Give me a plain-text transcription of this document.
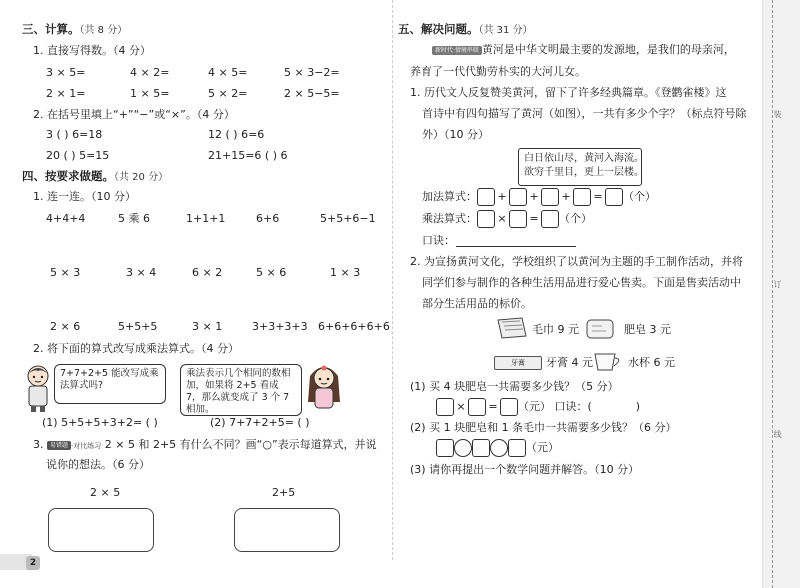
装
订
线
三、计算。（共 8 分）
1. 直接写得数。（4 分）
3 × 5=	4 × 2=	4 × 5=	5 × 3−2=
2 × 1=	1 × 5=	5 × 2=	2 × 5−5=
2. 在括号里填上“+”“−”或“×”。（4 分）
3 ( ) 6=18	12 ( ) 6=6
20 ( ) 5=15	21+15=6 ( ) 6
四、按要求做题。（共 20 分）
1. 连一连。（10 分）
4+4+4	5 乘 6	1+1+1	6+6	5+5+6−1
5 × 3	3 × 4	6 × 2	5 × 6	1 × 3
2 × 6	5+5+5	3 × 1	3+3+3+3 6+6+6+6+6
2. 将下面的算式改写成乘法算式。（4 分）
7+7+2+5 能改写成乘法算式吗?
乘法表示几个相同的数相加，如果将 2+5 看成 7，那么就变成了 3 个 7 相加。
(1) 5+5+5+3+2= ( )	(2) 7+7+2+5= ( )
3. 易错题 ·对比练习 2 × 5 和 2+5 有什么不同？画“○”表示每道算式，并说
说你的想法。（6 分）
2 × 5	2+5
2
五、解决问题。（共 31 分）
新时代·情境串联 黄河是中华文明最主要的发源地，是我们的母亲河，
养育了一代代勤劳朴实的大河儿女。
1. 历代文人反复赞美黄河，留下了许多经典篇章。《登鹳雀楼》这
首诗中有四句描写了黄河（如图），一共有多少个字？（标点符号除
外）（10 分）
白日依山尽，黄河入海流。
欲穷千里目，更上一层楼。
加法算式： + + + = （个）
乘法算式： × = （个）
口诀：
2. 为宣扬黄河文化，学校组织了以黄河为主题的手工制作活动，并将
同学们参与制作的各种生活用品进行爱心售卖。下面是售卖活动中
部分生活用品的标价。
毛巾 9 元	肥皂 3 元
牙膏	牙膏 4 元	水杯 6 元
(1) 买 4 块肥皂一共需要多少钱？（5 分）
× = （元） 口诀：(	)
(2) 买 1 块肥皂和 1 条毛巾一共需要多少钱？（6 分）
（元）
(3) 请你再提出一个数学问题并解答。（10 分）
